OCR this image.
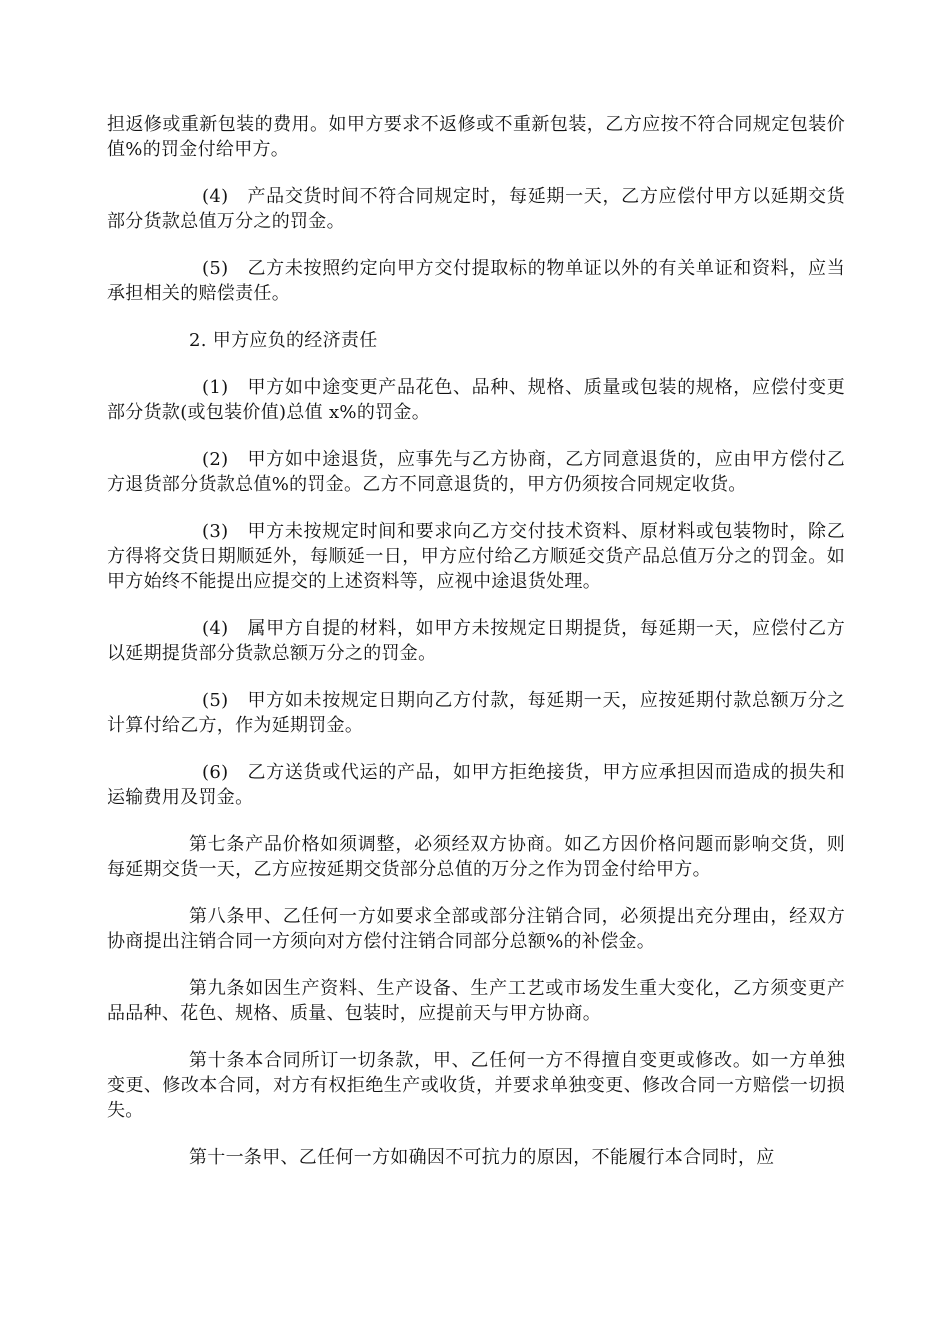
担返修或重新包装的费用。如甲方要求不返修或不重新包装，乙方应按不符合同规定包装价值%的罚金付给甲方。

(4)　产品交货时间不符合同规定时，每延期一天，乙方应偿付甲方以延期交货部分货款总值万分之的罚金。

(5)　乙方未按照约定向甲方交付提取标的物单证以外的有关单证和资料，应当承担相关的赔偿责任。

2. 甲方应负的经济责任

(1)　甲方如中途变更产品花色、品种、规格、质量或包装的规格，应偿付变更部分货款(或包装价值)总值 x%的罚金。

(2)　甲方如中途退货，应事先与乙方协商，乙方同意退货的，应由甲方偿付乙方退货部分货款总值%的罚金。乙方不同意退货的，甲方仍须按合同规定收货。

(3)　甲方未按规定时间和要求向乙方交付技术资料、原材料或包装物时，除乙方得将交货日期顺延外，每顺延一日，甲方应付给乙方顺延交货产品总值万分之的罚金。如甲方始终不能提出应提交的上述资料等，应视中途退货处理。

(4)　属甲方自提的材料，如甲方未按规定日期提货，每延期一天，应偿付乙方以延期提货部分货款总额万分之的罚金。

(5)　甲方如未按规定日期向乙方付款，每延期一天，应按延期付款总额万分之计算付给乙方，作为延期罚金。

(6)　乙方送货或代运的产品，如甲方拒绝接货，甲方应承担因而造成的损失和运输费用及罚金。

第七条产品价格如须调整，必须经双方协商。如乙方因价格问题而影响交货，则每延期交货一天，乙方应按延期交货部分总值的万分之作为罚金付给甲方。

第八条甲、乙任何一方如要求全部或部分注销合同，必须提出充分理由，经双方协商提出注销合同一方须向对方偿付注销合同部分总额%的补偿金。

第九条如因生产资料、生产设备、生产工艺或市场发生重大变化，乙方须变更产品品种、花色、规格、质量、包装时，应提前天与甲方协商。

第十条本合同所订一切条款，甲、乙任何一方不得擅自变更或修改。如一方单独变更、修改本合同，对方有权拒绝生产或收货，并要求单独变更、修改合同一方赔偿一切损失。

第十一条甲、乙任何一方如确因不可抗力的原因，不能履行本合同时，应
